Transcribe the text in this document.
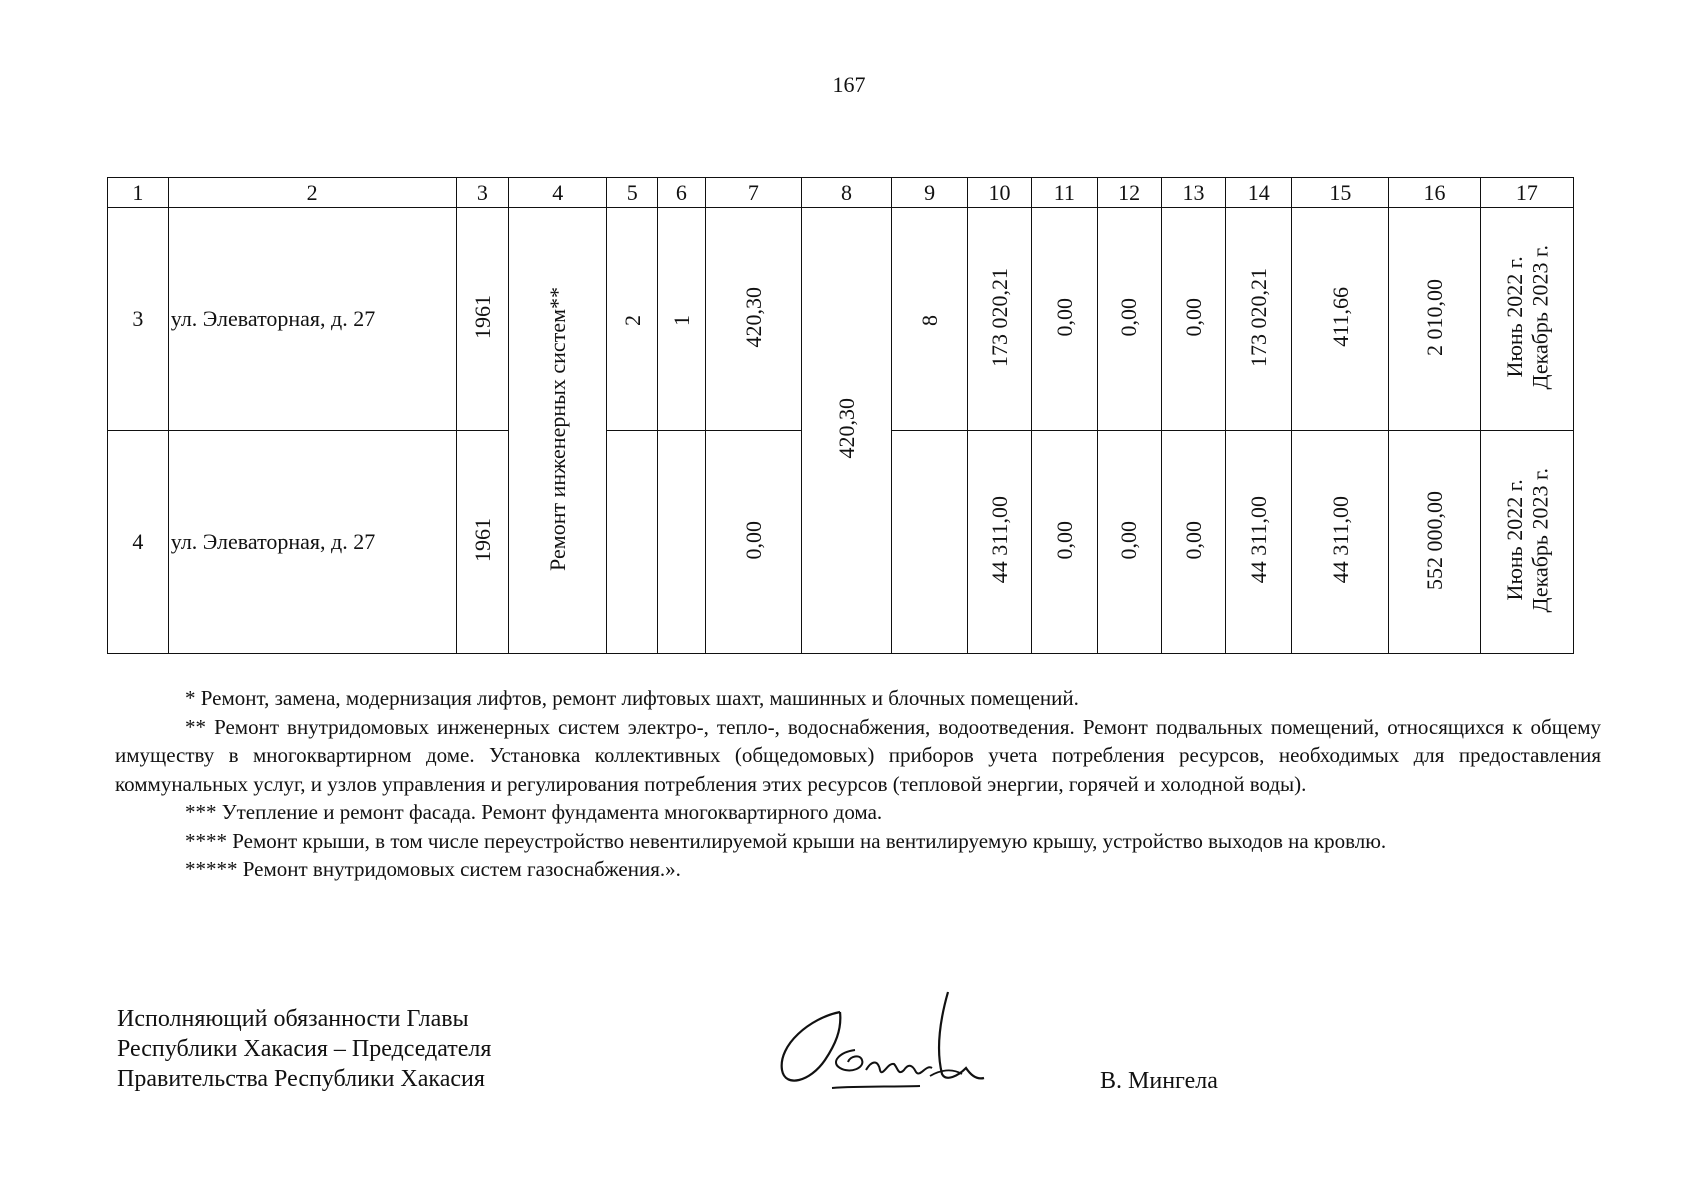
167
1	2	3	4	5	6	7	8	9	10	11	12	13	14	15	16	17
3	ул. Элеваторная, д. 27	1961	Ремонт инженерных систем**	2	1	420,30	420,30	8	173 020,21	0,00	0,00	0,00	173 020,21	411,66	2 010,00	Июнь 2022 г. Декабрь 2023 г.

4	ул. Элеваторная, д. 27	1961				0,00			44 311,00	0,00	0,00	0,00	44 311,00	44 311,00	552 000,00	Июнь 2022 г. Декабрь 2023 г.

* Ремонт, замена, модернизация лифтов, ремонт лифтовых шахт, машинных и блочных помещений.

** Ремонт внутридомовых инженерных систем электро-, тепло-, водоснабжения, водоотведения. Ремонт подвальных помещений, относящихся к общему имуществу в многоквартирном доме. Установка коллективных (общедомовых) приборов учета потребления ресурсов, необходимых для предоставления коммунальных услуг, и узлов управления и регулирования потребления этих ресурсов (тепловой энергии, горячей и холодной воды).

*** Утепление и ремонт фасада. Ремонт фундамента многоквартирного дома.

**** Ремонт крыши, в том числе переустройство невентилируемой крыши на вентилируемую крышу, устройство выходов на кровлю.

***** Ремонт внутридомовых систем газоснабжения.».

Исполняющий обязанности Главы
Республики Хакасия – Председателя
Правительства Республики Хакасия	В. Мингела
